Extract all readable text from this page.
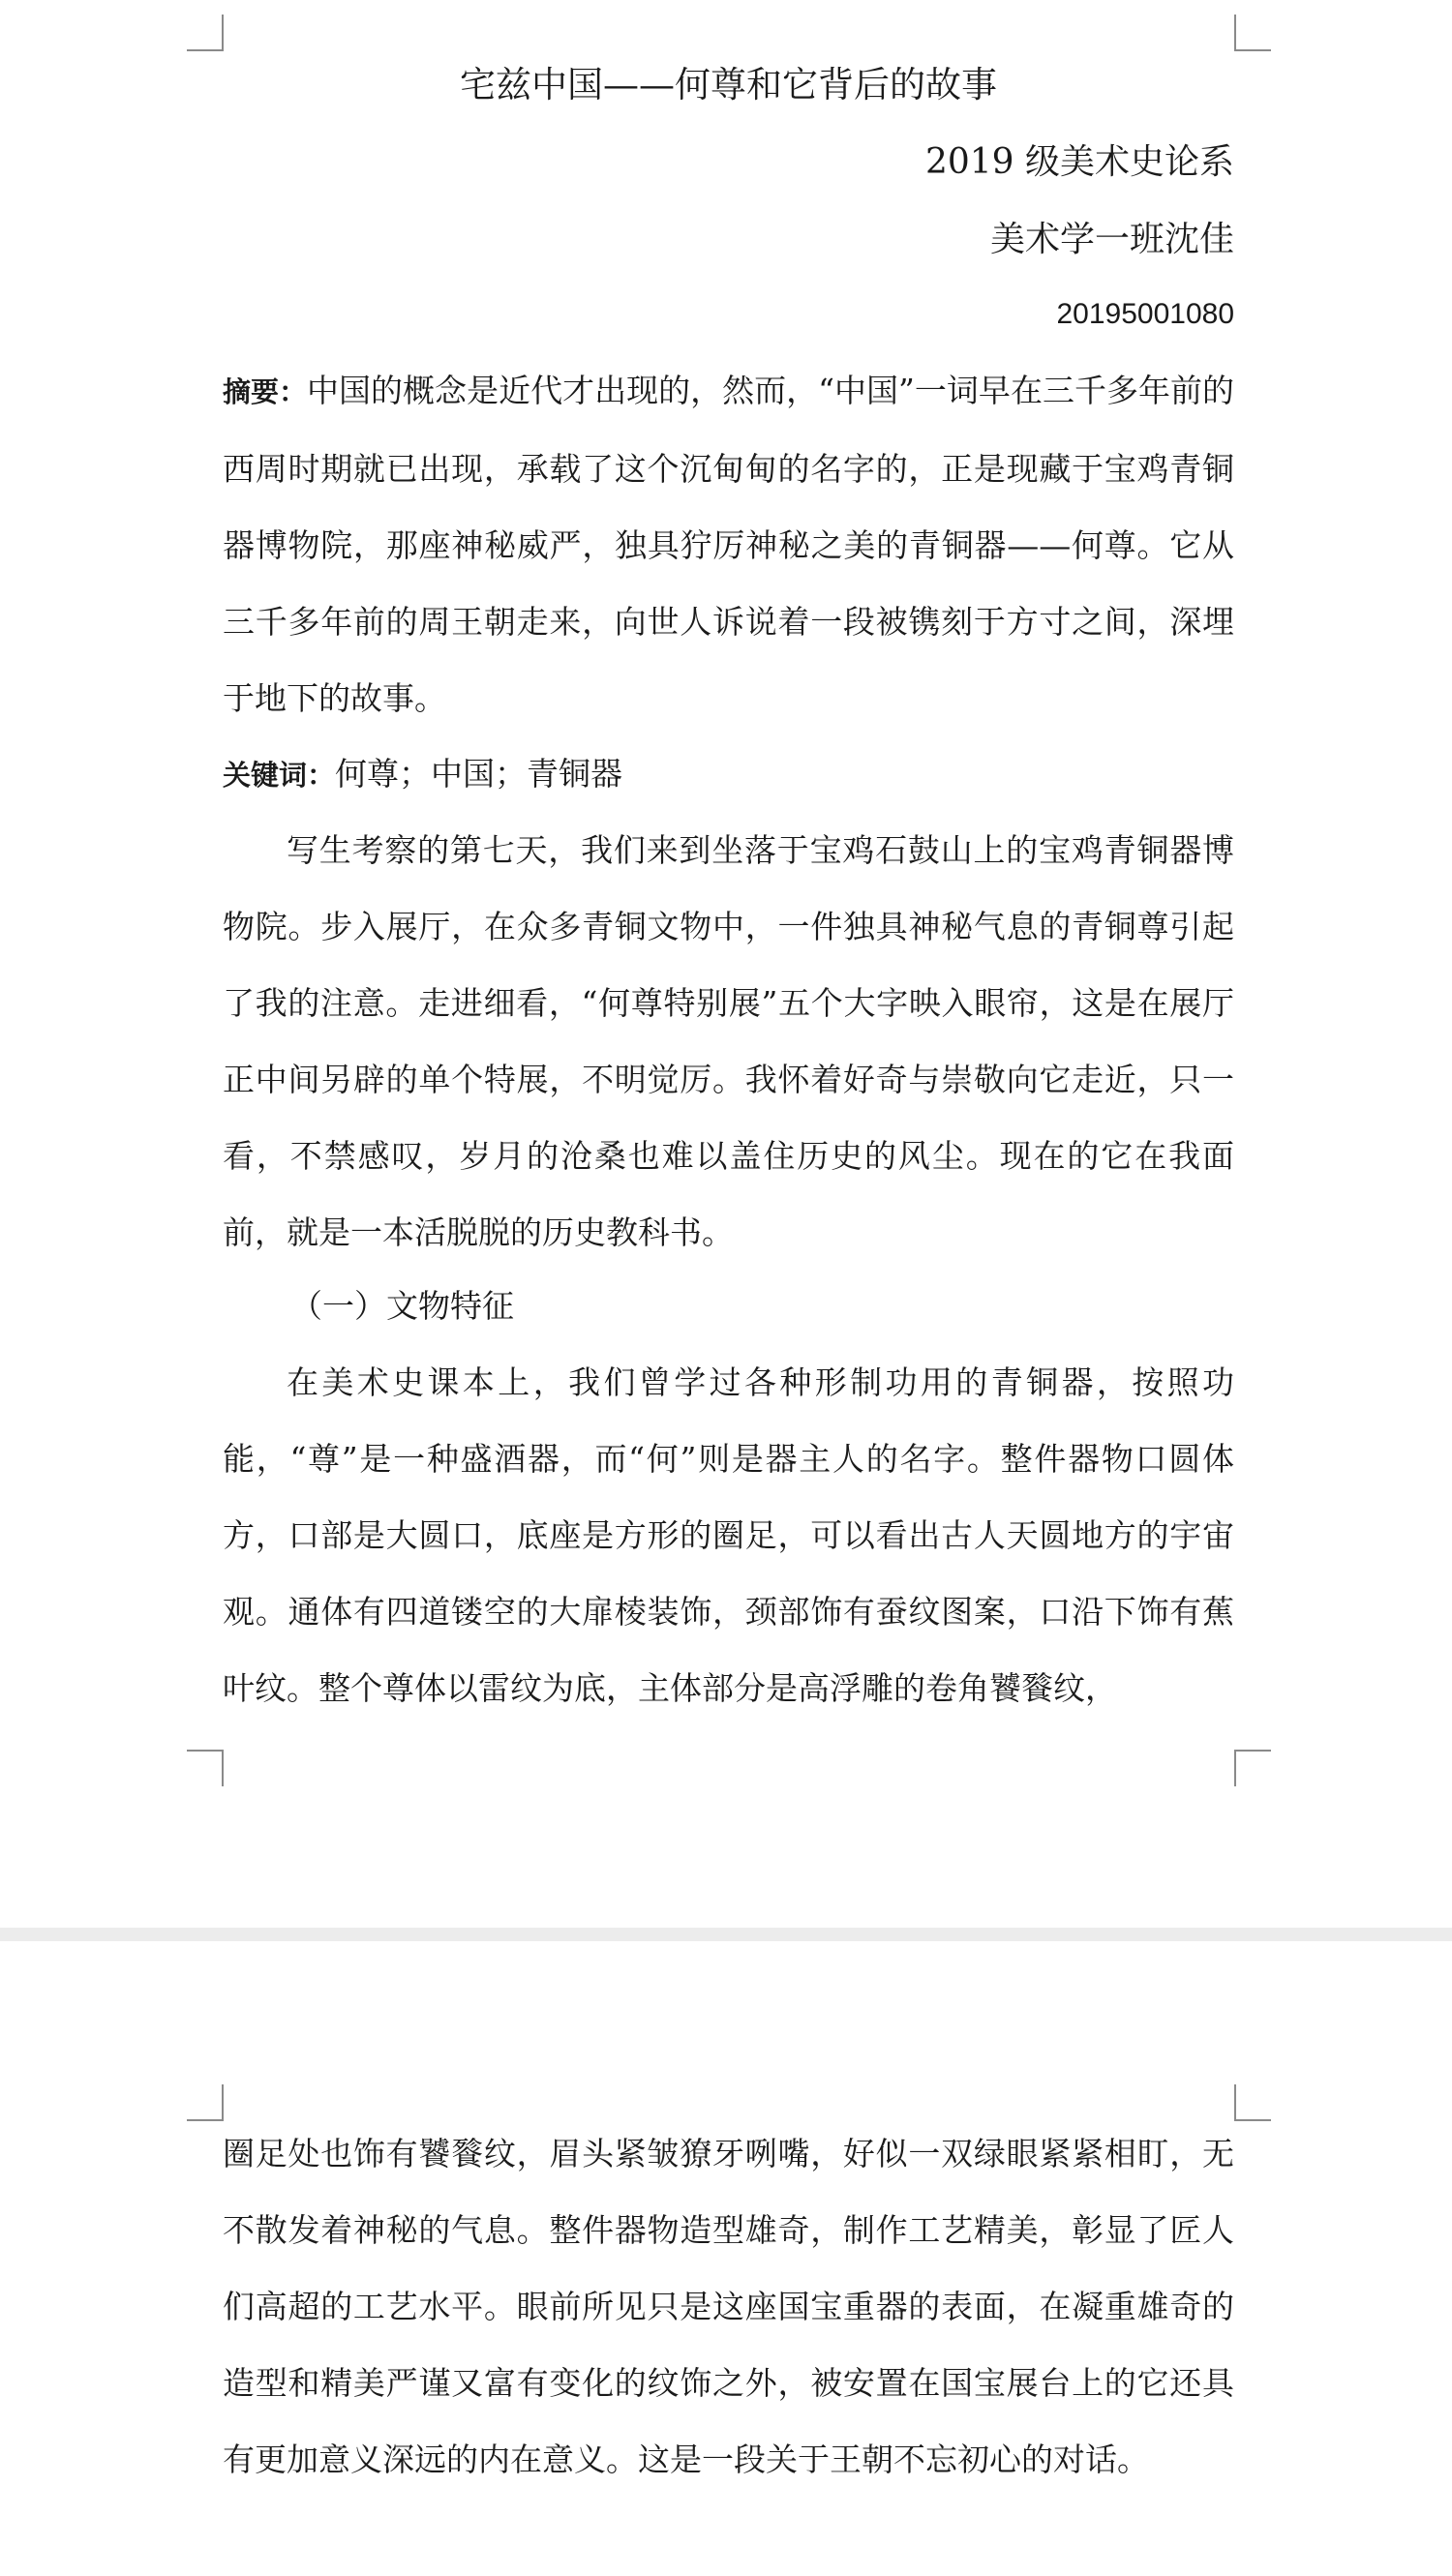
宅兹中国——何尊和它背后的故事

2019 级美术史论系

美术学一班沈佳

20195001080

摘要：中国的概念是近代才出现的，然而，“中国”一词早在三千多年前的西周时期就已出现，承载了这个沉甸甸的名字的，正是现藏于宝鸡青铜器博物院，那座神秘威严，独具狞厉神秘之美的青铜器——何尊。它从三千多年前的周王朝走来，向世人诉说着一段被镌刻于方寸之间，深埋于地下的故事。

关键词：何尊；中国；青铜器

写生考察的第七天，我们来到坐落于宝鸡石鼓山上的宝鸡青铜器博物院。步入展厅，在众多青铜文物中，一件独具神秘气息的青铜尊引起了我的注意。走进细看，“何尊特别展”五个大字映入眼帘，这是在展厅正中间另辟的单个特展，不明觉厉。我怀着好奇与崇敬向它走近，只一看，不禁感叹，岁月的沧桑也难以盖住历史的风尘。现在的它在我面前，就是一本活脱脱的历史教科书。

（一）文物特征

在美术史课本上，我们曾学过各种形制功用的青铜器，按照功能，“尊”是一种盛酒器，而“何”则是器主人的名字。整件器物口圆体方，口部是大圆口，底座是方形的圈足，可以看出古人天圆地方的宇宙观。通体有四道镂空的大扉棱装饰，颈部饰有蚕纹图案，口沿下饰有蕉叶纹。整个尊体以雷纹为底，主体部分是高浮雕的卷角饕餮纹，

圈足处也饰有饕餮纹，眉头紧皱獠牙咧嘴，好似一双绿眼紧紧相盯，无不散发着神秘的气息。整件器物造型雄奇，制作工艺精美，彰显了匠人们高超的工艺水平。眼前所见只是这座国宝重器的表面，在凝重雄奇的造型和精美严谨又富有变化的纹饰之外，被安置在国宝展台上的它还具有更加意义深远的内在意义。这是一段关于王朝不忘初心的对话。
